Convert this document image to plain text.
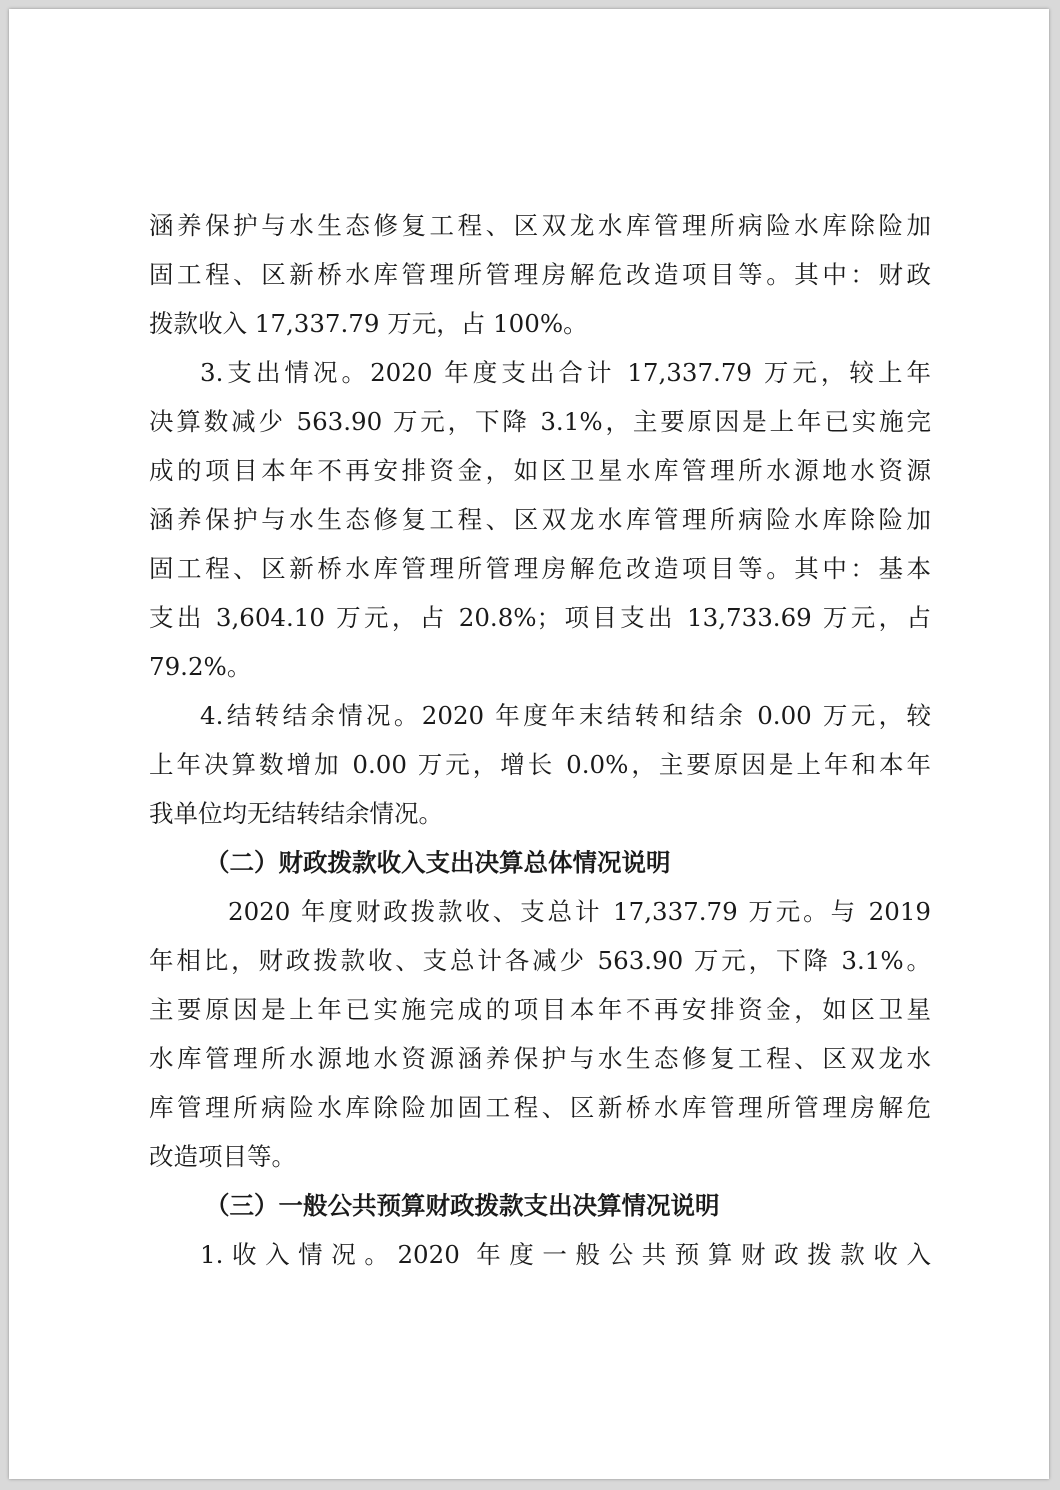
涵养保护与水生态修复工程、区双龙水库管理所病险水库除险加
固工程、区新桥水库管理所管理房解危改造项目等。其中：财政
拨款收入 17,337.79 万元，占 100%。
3.支出情况。2020 年度支出合计 17,337.79 万元，较上年
决算数减少 563.90 万元，下降 3.1%，主要原因是上年已实施完
成的项目本年不再安排资金，如区卫星水库管理所水源地水资源
涵养保护与水生态修复工程、区双龙水库管理所病险水库除险加
固工程、区新桥水库管理所管理房解危改造项目等。其中：基本
支出 3,604.10 万元，占 20.8%；项目支出 13,733.69 万元，占
79.2%。
4.结转结余情况。2020 年度年末结转和结余 0.00 万元，较
上年决算数增加 0.00 万元，增长 0.0%，主要原因是上年和本年
我单位均无结转结余情况。
（二）财政拨款收入支出决算总体情况说明
2020 年度财政拨款收、支总计 17,337.79 万元。与 2019
年相比，财政拨款收、支总计各减少 563.90 万元，下降 3.1%。
主要原因是上年已实施完成的项目本年不再安排资金，如区卫星
水库管理所水源地水资源涵养保护与水生态修复工程、区双龙水
库管理所病险水库除险加固工程、区新桥水库管理所管理房解危
改造项目等。
（三）一般公共预算财政拨款支出决算情况说明
1.收入情况。2020 年度一般公共预算财政拨款收入
